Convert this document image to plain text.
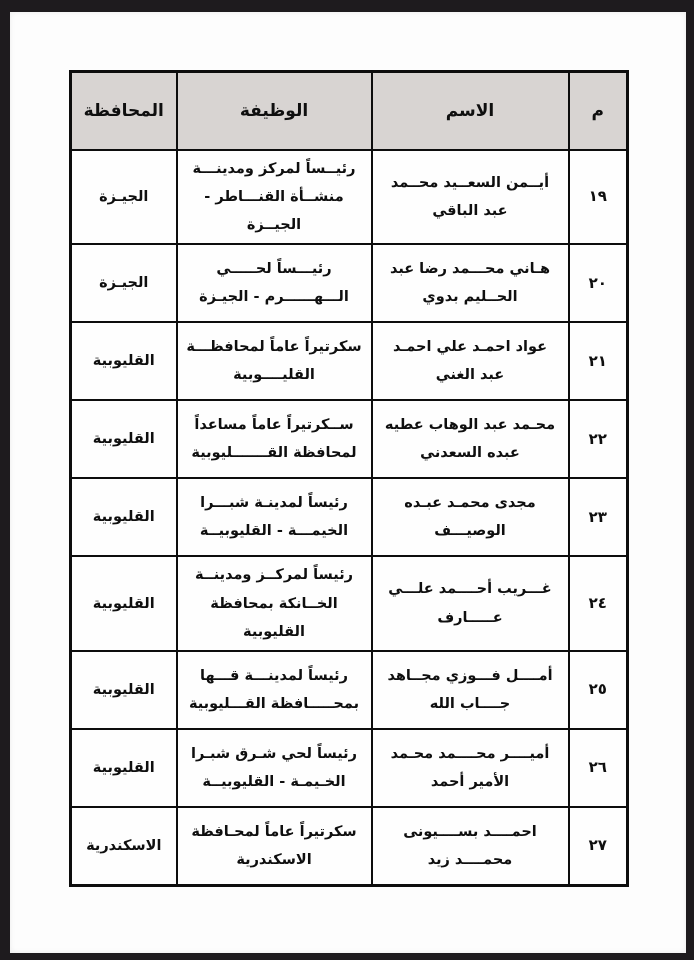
م	الاسم	الوظيفة	المحافظة
١٩	أيــمن السعــيد محــمد عبد الباقي	رئيــساً لمركز ومدينـــة منشــأة القنـــاطر - الجيــزة	الجيـزة
٢٠	هـاني محـــمد رضا عبد الحــليم بدوي	رئيـــساً لحـــــي الـــهــــــرم - الجيـزة	الجيـزة
٢١	عواد احمـد علي احمـد عبد الغني	سكرتيراً عاماً لمحافظـــة القليــــوبية	القليوبية
٢٢	محـمد عبد الوهاب عطيه عبده السعدني	ســكرتيراً عاماً مساعداً لمحافظة القـــــــليوبية	القليوبية
٢٣	مجدى محمـد عبـده الوصيـــف	رئيساً لمدينـة شبـــرا الخيمـــة - القليوبيــة	القليوبية
٢٤	غـــريب أحــــمد علـــي عـــــارف	رئيساً لمركــز ومدينــة الخــانكة بمحافظة القليوبية	القليوبية
٢٥	أمــــل فـــوزي مجــاهد جــــاب الله	رئيساً لمدينـــة قـــها بمحـــــافظة القـــليوبية	القليوبية
٢٦	أميــــر محــــمد محـمد الأمير أحمد	رئيساً لحي شـرق شبـرا الخـيمـة - القليوبيــة	القليوبية
٢٧	احمــــد بســــيونى محمــــد زيد	سكرتيراً عاماً لمحـافظة الاسكندرية	الاسكندرية
